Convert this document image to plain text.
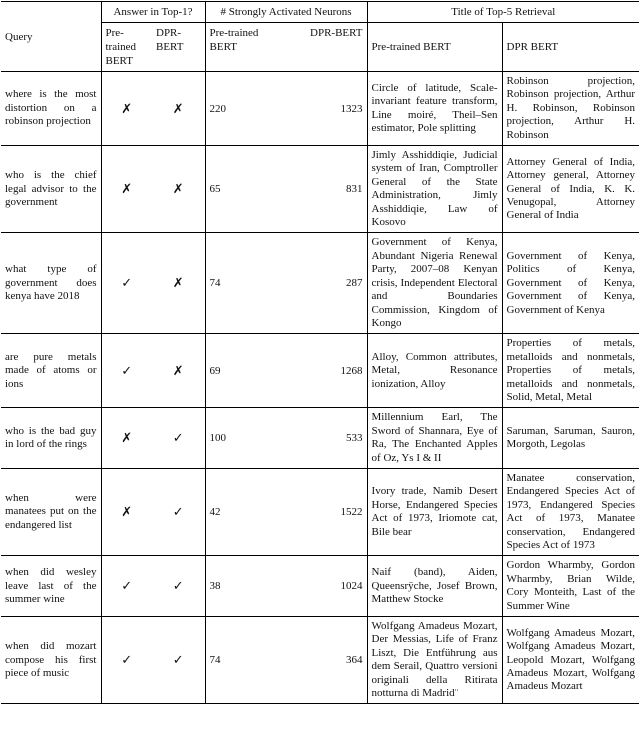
Query	Answer in Top-1?		# Strongly Activated Neurons		Title of Top-5 Retrieval	
	Pre-trained BERT	DPR-BERT	Pre-trained BERT	DPR-BERT	Pre-trained BERT	DPR BERT
where is the most distortion on a robinson projection	✗	✗	220	1323	Circle of latitude, Scale-invariant feature transform, Line moiré, Theil–Sen estimator, Pole splitting	Robinson projection, Robinson projection, Arthur H. Robinson, Robinson projection, Arthur H. Robinson
who is the chief legal advisor to the government	✗	✗	65	831	Jimly Asshiddiqie, Judicial system of Iran, Comptroller General of the State Administration, Jimly Asshiddiqie, Law of Kosovo	Attorney General of India, Attorney general, Attorney General of India, K. K. Venugopal, Attorney General of India
what type of government does kenya have 2018	✓	✗	74	287	Government of Kenya, Abundant Nigeria Renewal Party, 2007–08 Kenyan crisis, Independent Electoral and Boundaries Commission, Kingdom of Kongo	Government of Kenya, Politics of Kenya, Government of Kenya, Government of Kenya, Government of Kenya
are pure metals made of atoms or ions	✓	✗	69	1268	Alloy, Common attributes, Metal, Resonance ionization, Alloy	Properties of metals, metalloids and nonmetals, Properties of metals, metalloids and nonmetals, Solid, Metal, Metal
who is the bad guy in lord of the rings	✗	✓	100	533	Millennium Earl, The Sword of Shannara, Eye of Ra, The Enchanted Apples of Oz, Ys I & II	Saruman, Saruman, Sauron, Morgoth, Legolas
when were manatees put on the endangered list	✗	✓	42	1522	Ivory trade, Namib Desert Horse, Endangered Species Act of 1973, Iriomote cat, Bile bear	Manatee conservation, Endangered Species Act of 1973, Endangered Species Act of 1973, Manatee conservation, Endangered Species Act of 1973
when did wesley leave last of the summer wine	✓	✓	38	1024	Naif (band), Aiden, Queensrÿche, Josef Brown, Matthew Stocke	Gordon Wharmby, Gordon Wharmby, Brian Wilde, Cory Monteith, Last of the Summer Wine
when did mozart compose his first piece of music	✓	✓	74	364	Wolfgang Amadeus Mozart, Der Messias, Life of Franz Liszt, Die Entführung aus dem Serail, Quattro versioni originali della Ritirata notturna di Madrid¨	Wolfgang Amadeus Mozart, Wolfgang Amadeus Mozart, Leopold Mozart, Wolfgang Amadeus Mozart, Wolfgang Amadeus Mozart
